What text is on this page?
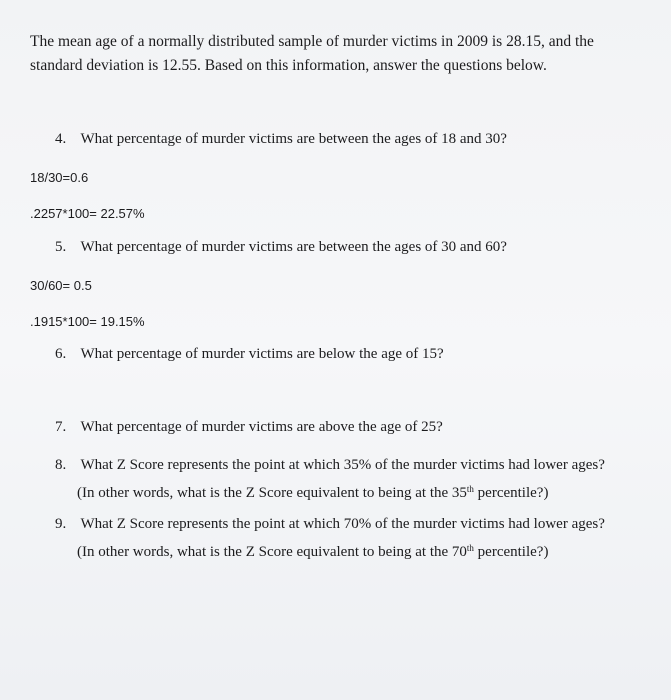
The mean age of a normally distributed sample of murder victims in 2009 is 28.15, and the standard deviation is 12.55. Based on this information, answer the questions below.
4. What percentage of murder victims are between the ages of 18 and 30?
18/30=0.6
.2257*100= 22.57%
5. What percentage of murder victims are between the ages of 30 and 60?
30/60= 0.5
.1915*100= 19.15%
6. What percentage of murder victims are below the age of 15?
7. What percentage of murder victims are above the age of 25?
8. What Z Score represents the point at which 35% of the murder victims had lower ages?
(In other words, what is the Z Score equivalent to being at the 35th percentile?)
9. What Z Score represents the point at which 70% of the murder victims had lower ages?
(In other words, what is the Z Score equivalent to being at the 70th percentile?)
